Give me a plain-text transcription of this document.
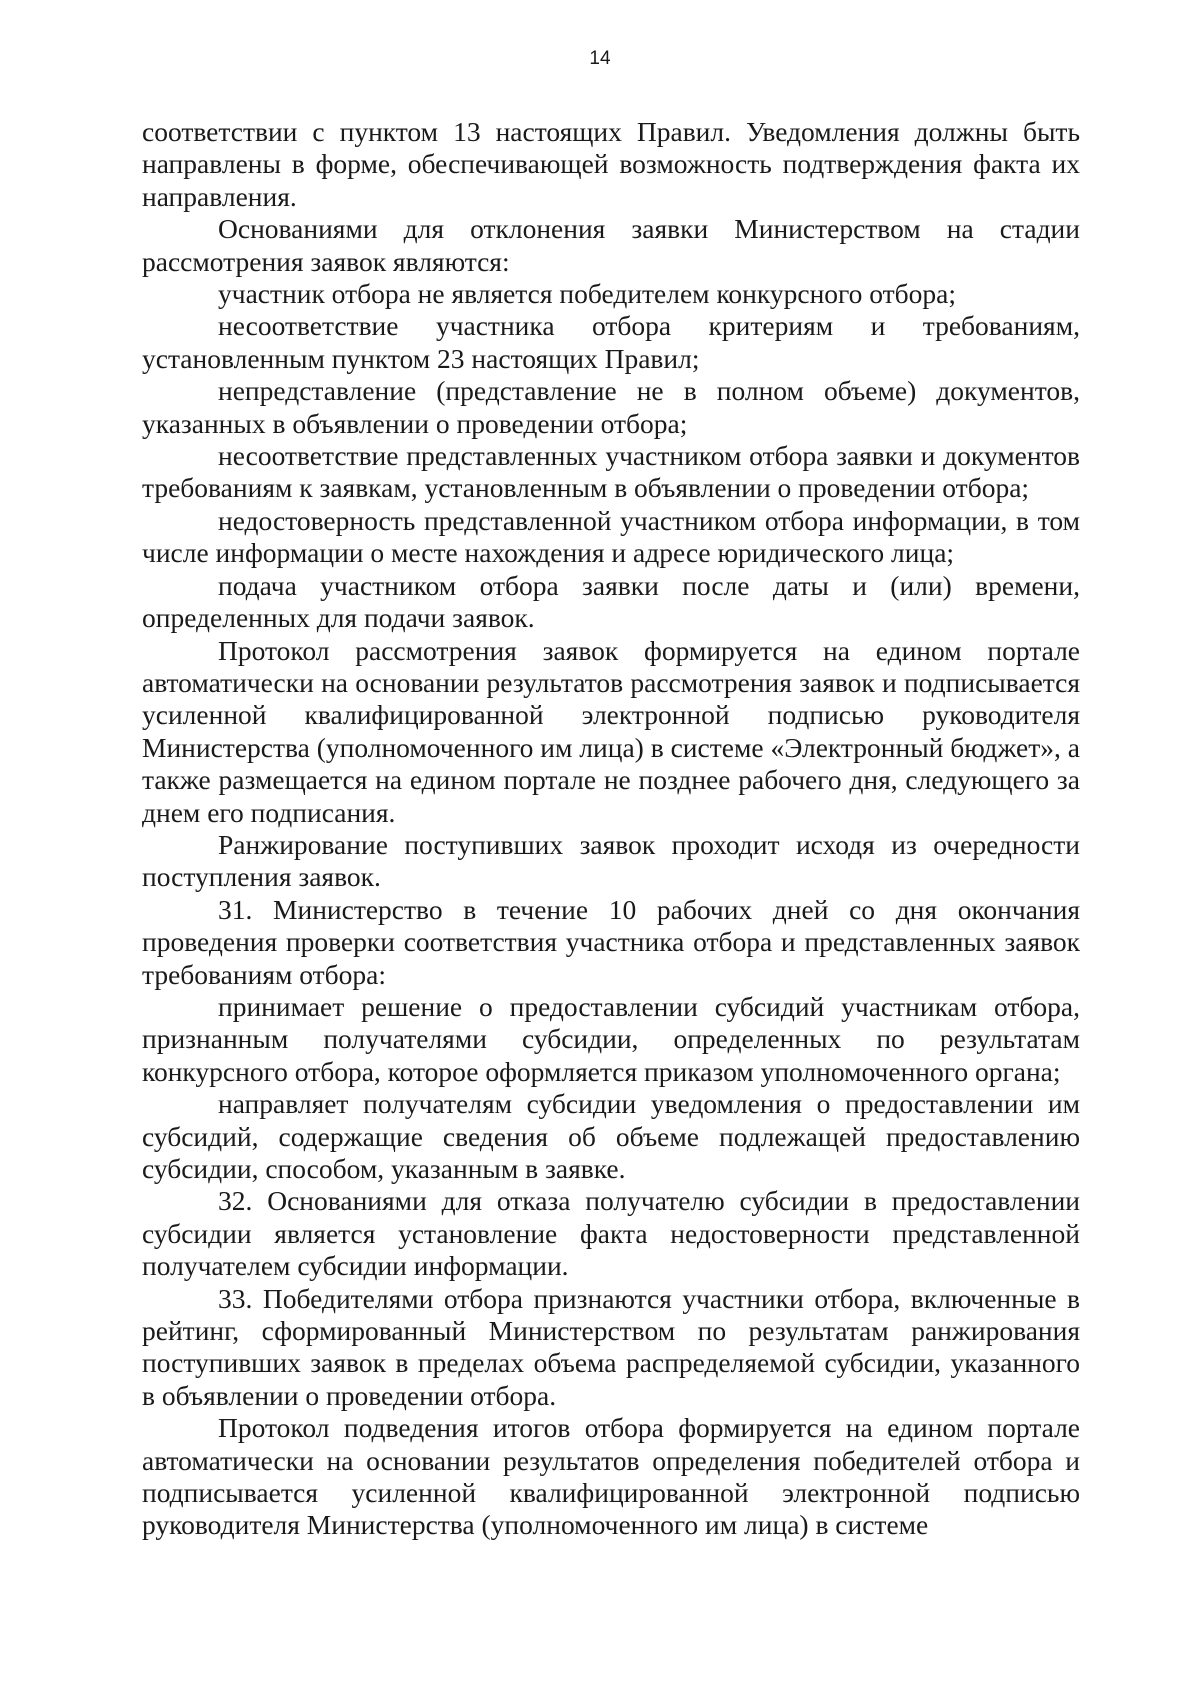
14

соответствии с пунктом 13 настоящих Правил. Уведомления должны быть направлены в форме, обеспечивающей возможность подтверждения факта их направления.

Основаниями для отклонения заявки Министерством на стадии рассмотрения заявок являются:

участник отбора не является победителем конкурсного отбора;

несоответствие участника отбора критериям и требованиям, установленным пунктом 23 настоящих Правил;

непредставление (представление не в полном объеме) документов, указанных в объявлении о проведении отбора;

несоответствие представленных участником отбора заявки и документов требованиям к заявкам, установленным в объявлении о проведении отбора;

недостоверность представленной участником отбора информации, в том числе информации о месте нахождения и адресе юридического лица;

подача участником отбора заявки после даты и (или) времени, определенных для подачи заявок.

Протокол рассмотрения заявок формируется на едином портале автоматически на основании результатов рассмотрения заявок и подписывается усиленной квалифицированной электронной подписью руководителя Министерства (уполномоченного им лица) в системе «Электронный бюджет», а также размещается на едином портале не позднее рабочего дня, следующего за днем его подписания.

Ранжирование поступивших заявок проходит исходя из очередности поступления заявок.

31. Министерство в течение 10 рабочих дней со дня окончания проведения проверки соответствия участника отбора и представленных заявок требованиям отбора:

принимает решение о предоставлении субсидий участникам отбора, признанным получателями субсидии, определенных по результатам конкурсного отбора, которое оформляется приказом уполномоченного органа;

направляет получателям субсидии уведомления о предоставлении им субсидий, содержащие сведения об объеме подлежащей предоставлению субсидии, способом, указанным в заявке.

32. Основаниями для отказа получателю субсидии в предоставлении субсидии является установление факта недостоверности представленной получателем субсидии информации.

33. Победителями отбора признаются участники отбора, включенные в рейтинг, сформированный Министерством по результатам ранжирования поступивших заявок в пределах объема распределяемой субсидии, указанного в объявлении о проведении отбора.

Протокол подведения итогов отбора формируется на едином портале автоматически на основании результатов определения победителей отбора и подписывается усиленной квалифицированной электронной подписью руководителя Министерства (уполномоченного им лица) в системе
